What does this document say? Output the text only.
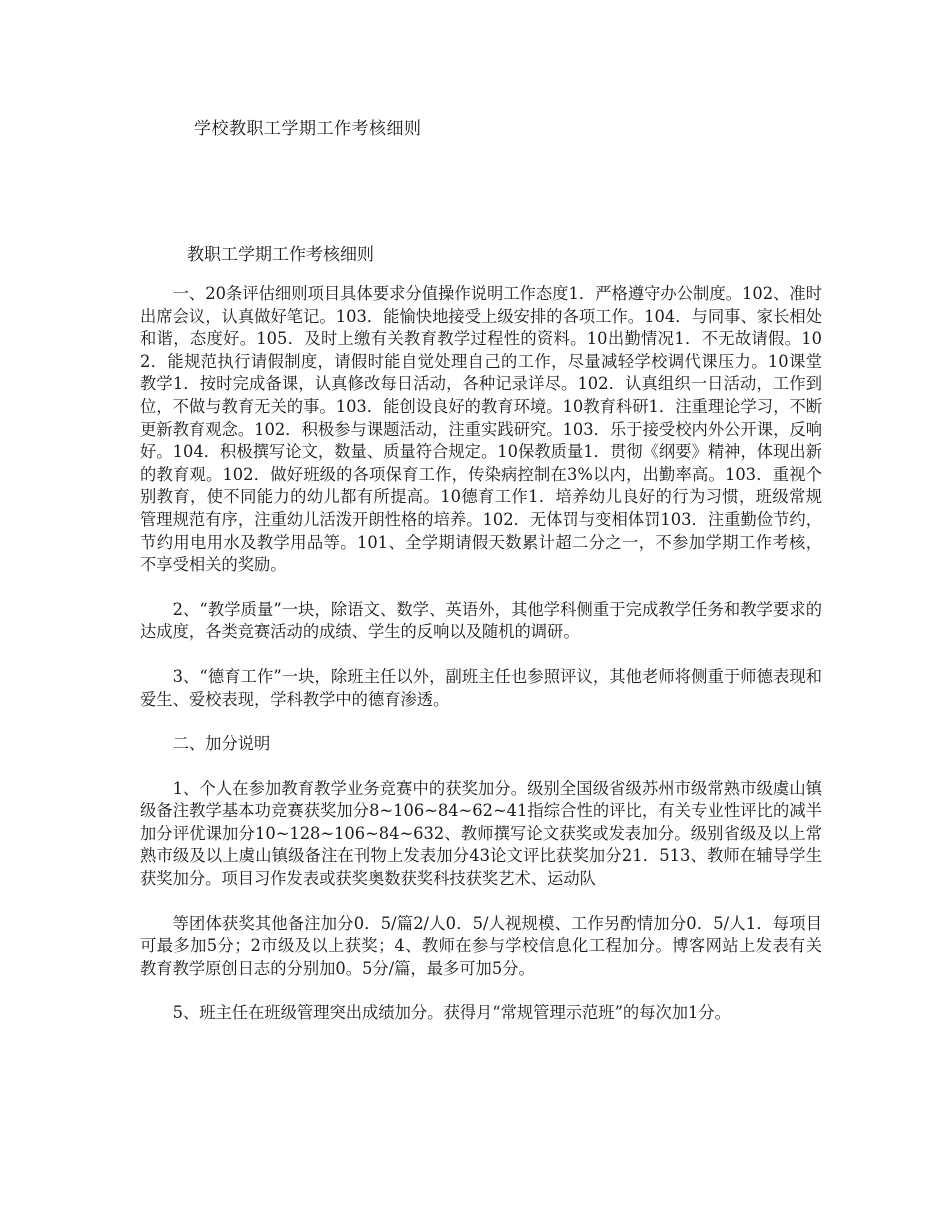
学校教职工学期工作考核细则
教职工学期工作考核细则

一、20条评估细则项目具体要求分值操作说明工作态度1．严格遵守办公制度。102、准时出席会议，认真做好笔记。103．能愉快地接受上级安排的各项工作。104．与同事、家长相处和谐，态度好。105．及时上缴有关教育教学过程性的资料。10出勤情况1．不无故请假。102．能规范执行请假制度，请假时能自觉处理自己的工作，尽量减轻学校调代课压力。10课堂教学1．按时完成备课，认真修改每日活动，各种记录详尽。102．认真组织一日活动，工作到位，不做与教育无关的事。103．能创设良好的教育环境。10教育科研1．注重理论学习，不断更新教育观念。102．积极参与课题活动，注重实践研究。103．乐于接受校内外公开课，反响好。104．积极撰写论文，数量、质量符合规定。10保教质量1．贯彻《纲要》精神，体现出新的教育观。102．做好班级的各项保育工作，传染病控制在3%以内，出勤率高。103．重视个别教育，使不同能力的幼儿都有所提高。10德育工作1．培养幼儿良好的行为习惯，班级常规管理规范有序，注重幼儿活泼开朗性格的培养。102．无体罚与变相体罚103．注重勤俭节约，节约用电用水及教学用品等。101、全学期请假天数累计超二分之一，不参加学期工作考核，不享受相关的奖励。

2、“教学质量”一块，除语文、数学、英语外，其他学科侧重于完成教学任务和教学要求的达成度，各类竞赛活动的成绩、学生的反响以及随机的调研。

3、“德育工作”一块，除班主任以外，副班主任也参照评议，其他老师将侧重于师德表现和爱生、爱校表现，学科教学中的德育渗透。

二、加分说明

1、个人在参加教育教学业务竞赛中的获奖加分。级别全国级省级苏州市级常熟市级虞山镇级备注教学基本功竞赛获奖加分8~106~84~62~41指综合性的评比，有关专业性评比的减半加分评优课加分10~128~106~84~632、教师撰写论文获奖或发表加分。级别省级及以上常熟市级及以上虞山镇级备注在刊物上发表加分43论文评比获奖加分21．513、教师在辅导学生获奖加分。项目习作发表或获奖奥数获奖科技获奖艺术、运动队

等团体获奖其他备注加分0．5/篇2/人0．5/人视规模、工作另酌情加分0．5/人1．每项目可最多加5分；2市级及以上获奖；4、教师在参与学校信息化工程加分。博客网站上发表有关教育教学原创日志的分别加0。5分/篇，最多可加5分。

5、班主任在班级管理突出成绩加分。获得月“常规管理示范班”的每次加1分。
